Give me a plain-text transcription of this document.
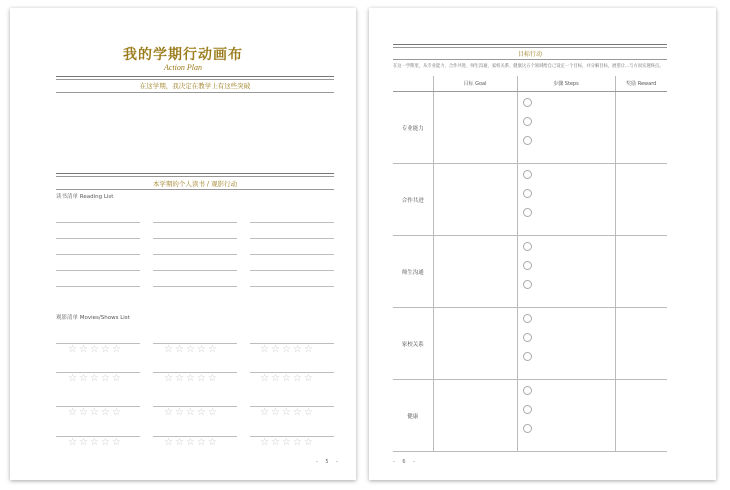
我的学期行动画布
Action Plan
在这学期，我决定在教学上有这些突破
本学期的个人读书 / 观影行动
读书清单 Reading List
观影清单 Movies/Shows List
☆☆☆☆☆	☆☆☆☆☆	☆☆☆☆☆
☆☆☆☆☆	☆☆☆☆☆	☆☆☆☆☆
☆☆☆☆☆	☆☆☆☆☆	☆☆☆☆☆
☆☆☆☆☆	☆☆☆☆☆	☆☆☆☆☆
- 5 -
目标行动
在这一学期里，从专业能力、合作共进、师生沟通、家校关系、健康这五个领域给自己设定一个目标，并分解目标，展望让...与方而实现终点。
	目标 Goal	步骤 Steps	奖励 Reward
专业能力		

合作共进		

师生沟通		

家校关系		

健康		

- 6 -
